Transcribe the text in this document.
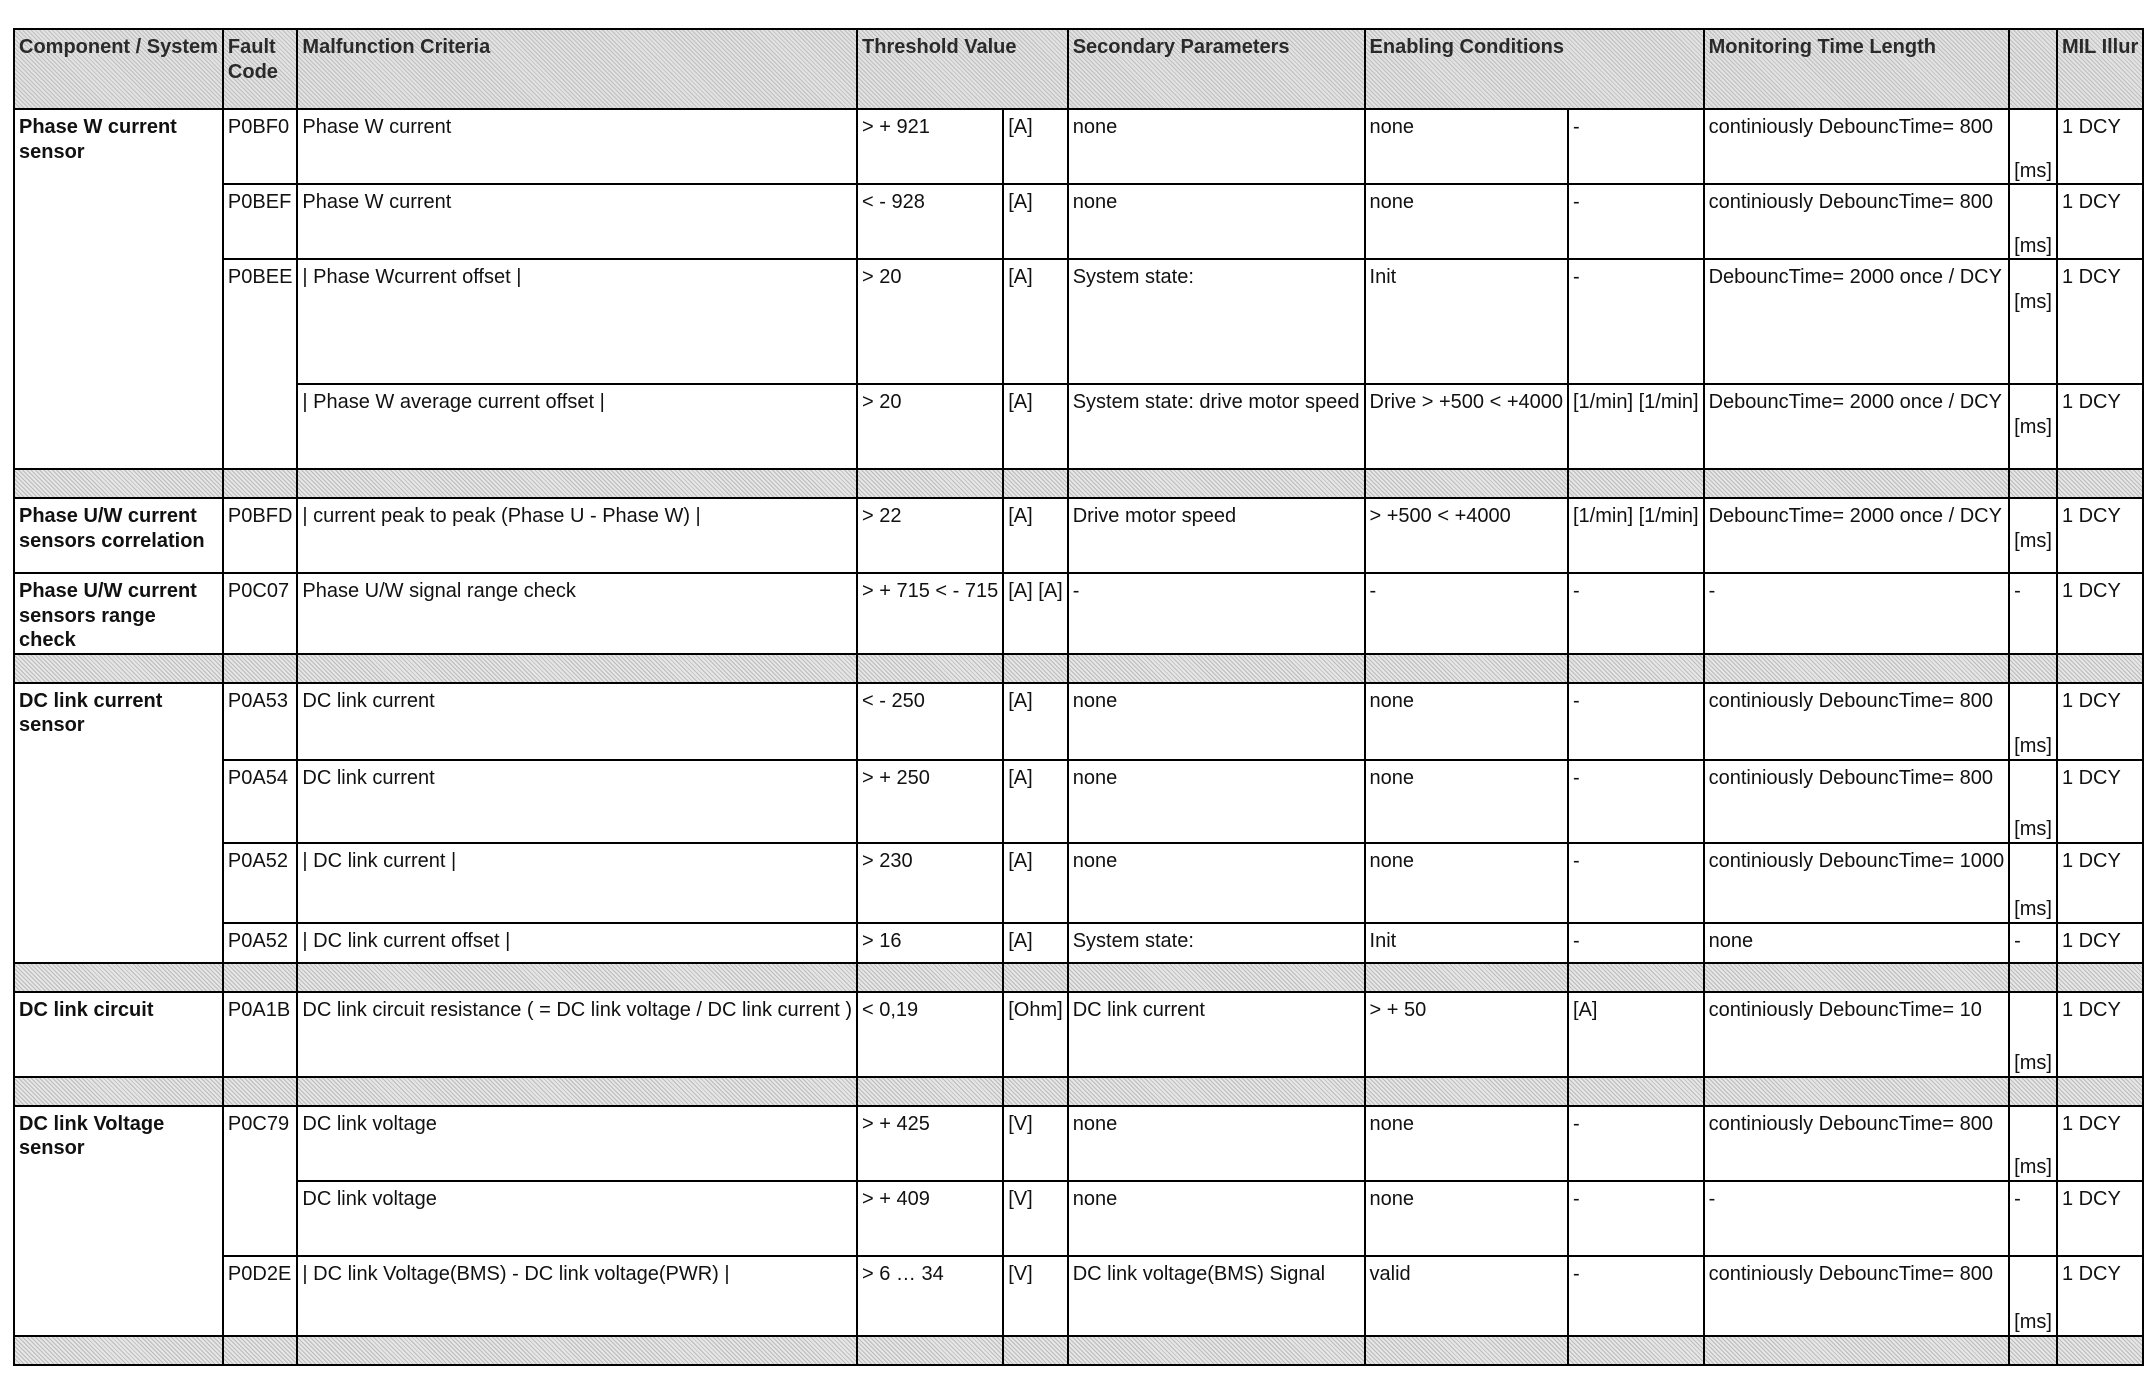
Component / System	Fault Code	Malfunction Criteria	Threshold Value		Secondary Parameters	Enabling Conditions		Monitoring Time Length		MIL Illur
Phase W current sensor	P0BF0	Phase W current	> + 921	[A]	none	none	-	continiously DebouncTime= 800	[ms]	1 DCY
	P0BEF	Phase W current	< - 928	[A]	none	none	-	continiously DebouncTime= 800	[ms]	1 DCY
	P0BEE	| Phase Wcurrent offset |	> 20	[A]	System state:	Init	-	DebouncTime= 2000 once / DCY	[ms]	1 DCY
		| Phase W average current offset |	> 20	[A]	System state: drive motor speed	Drive > +500 < +4000	[1/min] [1/min]	DebouncTime= 2000 once / DCY	[ms]	1 DCY

Phase U/W current sensors correlation	P0BFD	| current peak to peak (Phase U - Phase W) |	> 22	[A]	Drive motor speed	> +500 < +4000	[1/min] [1/min]	DebouncTime= 2000 once / DCY	[ms]	1 DCY
Phase U/W current sensors range check	P0C07	Phase U/W signal range check	> + 715 < - 715	[A] [A]	-	-	-	-	-	1 DCY

DC link current sensor	P0A53	DC link current	< - 250	[A]	none	none	-	continiously DebouncTime= 800	[ms]	1 DCY
	P0A54	DC link current	> + 250	[A]	none	none	-	continiously DebouncTime= 800	[ms]	1 DCY
	P0A52	| DC link current |	> 230	[A]	none	none	-	continiously DebouncTime= 1000	[ms]	1 DCY
	P0A52	| DC link current offset |	> 16	[A]	System state:	Init	-	none	-	1 DCY

DC link circuit	P0A1B	DC link circuit resistance ( = DC link voltage / DC link current )	< 0,19	[Ohm]	DC link current	> + 50	[A]	continiously DebouncTime= 10	[ms]	1 DCY

DC link Voltage sensor	P0C79	DC link voltage	> + 425	[V]	none	none	-	continiously DebouncTime= 800	[ms]	1 DCY
		DC link voltage	> + 409	[V]	none	none	-	-	-	1 DCY
	P0D2E	| DC link Voltage(BMS) - DC link voltage(PWR) |	> 6 … 34	[V]	DC link voltage(BMS) Signal	valid	-	continiously DebouncTime= 800	[ms]	1 DCY
